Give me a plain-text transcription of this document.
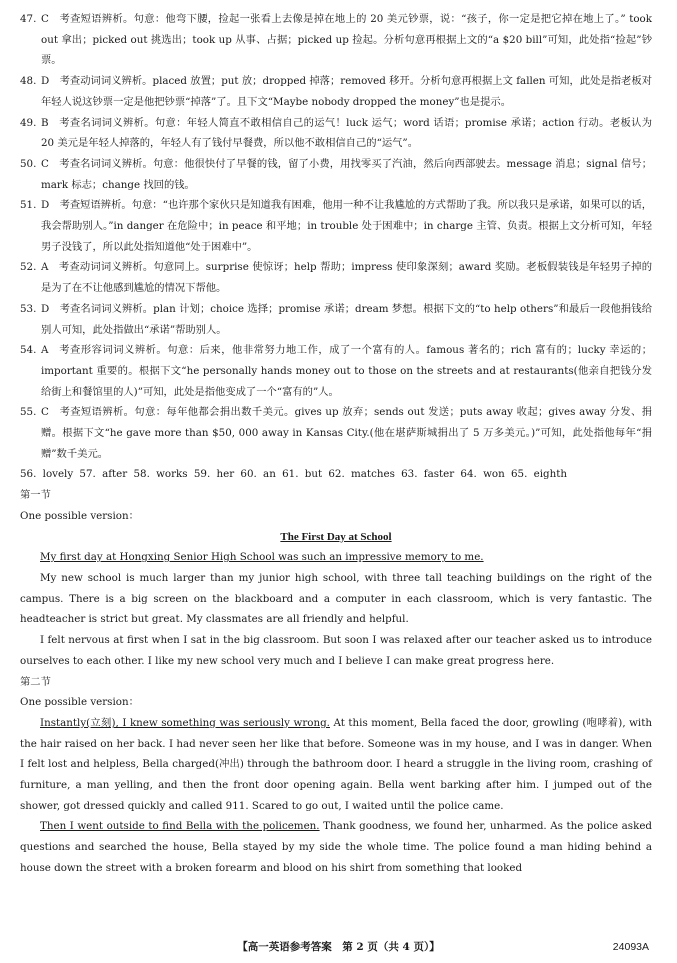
47. C  考查短语辨析。句意：他弯下腰，捡起一张看上去像是掉在地上的 20 美元钞票，说：“孩子，你一定是把它掉在地上了。” took out 拿出；picked out 挑选出；took up 从事、占据；picked up 捡起。分析句意再根据上文的“a $20 bill”可知，此处指“捡起”钞票。
48. D  考查动词词义辨析。placed 放置；put 放；dropped 掉落；removed 移开。分析句意再根据上文 fallen 可知，此处是指老板对年轻人说这钞票一定是他把钞票“掉落”了。且下文“Maybe nobody dropped the money”也是提示。
49. B  考查名词词义辨析。句意：年轻人简直不敢相信自己的运气！luck 运气；word 话语；promise 承诺；action 行动。老板认为 20 美元是年轻人掉落的，年轻人有了钱付早餐费，所以他不敢相信自己的“运气”。
50. C  考查名词词义辨析。句意：他很快付了早餐的钱，留了小费，用找零买了汽油，然后向西部驶去。message 消息；signal 信号；mark 标志；change 找回的钱。
51. D  考查短语辨析。句意：“也许那个家伙只是知道我有困难，他用一种不让我尴尬的方式帮助了我。所以我只是承诺，如果可以的话，我会帮助别人。”in danger 在危险中；in peace 和平地；in trouble 处于困难中；in charge 主管、负责。根据上文分析可知，年轻男子没钱了，所以此处指知道他“处于困难中”。
52. A  考查动词词义辨析。句意同上。surprise 使惊讶；help 帮助；impress 使印象深刻；award 奖励。老板假装钱是年轻男子掉的是为了在不让他感到尴尬的情况下帮他。
53. D  考查名词词义辨析。plan 计划；choice 选择；promise 承诺；dream 梦想。根据下文的“to help others”和最后一段他捐钱给别人可知，此处指做出“承诺”帮助别人。
54. A  考查形容词词义辨析。句意：后来，他非常努力地工作，成了一个富有的人。famous 著名的；rich 富有的；lucky 幸运的；important 重要的。根据下文“he personally hands money out to those on the streets and at restaurants(他亲自把钱分发给街上和餐馆里的人)”可知，此处是指他变成了一个“富有的”人。
55. C  考查短语辨析。句意：每年他都会捐出数千美元。gives up 放弃；sends out 发送；puts away 收起；gives away 分发、捐赠。根据下文“he gave more than $50, 000 away in Kansas City.(他在堪萨斯城捐出了 5 万多美元。)”可知，此处指他每年“捐赠”数千美元。
56. lovely 57. after 58. works 59. her 60. an 61. but 62. matches 63. faster 64. won 65. eighth
第一节
One possible version：
The First Day at School
My first day at Hongxing Senior High School was such an impressive memory to me.
My new school is much larger than my junior high school, with three tall teaching buildings on the right of the campus. There is a big screen on the blackboard and a computer in each classroom, which is very fantastic. The headteacher is strict but great. My classmates are all friendly and helpful.
I felt nervous at first when I sat in the big classroom. But soon I was relaxed after our teacher asked us to introduce ourselves to each other. I like my new school very much and I believe I can make great progress here.
第二节
One possible version：
Instantly(立刻), I knew something was seriously wrong. At this moment, Bella faced the door, growling (咆哮着), with the hair raised on her back. I had never seen her like that before. Someone was in my house, and I was in danger. When I felt lost and helpless, Bella charged(冲出) through the bathroom door. I heard a struggle in the living room, crashing of furniture, a man yelling, and then the front door opening again. Bella went barking after him. I jumped out of the shower, got dressed quickly and called 911. Scared to go out, I waited until the police came.
Then I went outside to find Bella with the policemen. Thank goodness, we found her, unharmed. As the police asked questions and searched the house, Bella stayed by my side the whole time. The police found a man hiding behind a house down the street with a broken forearm and blood on his shirt from something that looked
【高一英语参考答案　第 2 页（共 4 页）】	24093A
